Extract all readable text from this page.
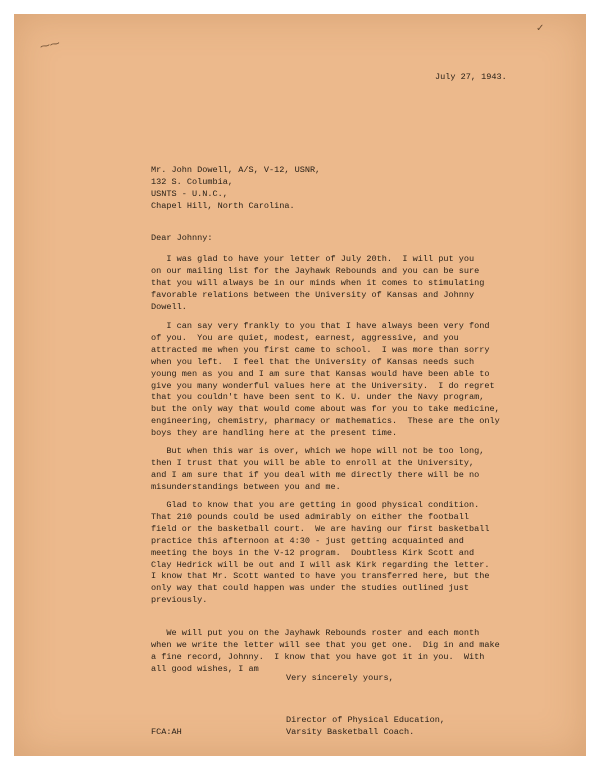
⁓⁓
✓
July 27, 1943.
Mr. John Dowell, A/S, V-12, USNR,
132 S. Columbia,
USNTS - U.N.C.,
Chapel Hill, North Carolina.
Dear Johnny:
I was glad to have your letter of July 20th.  I will put you
on our mailing list for the Jayhawk Rebounds and you can be sure
that you will always be in our minds when it comes to stimulating
favorable relations between the University of Kansas and Johnny
Dowell.
I can say very frankly to you that I have always been very fond
of you.  You are quiet, modest, earnest, aggressive, and you
attracted me when you first came to school.  I was more than sorry
when you left.  I feel that the University of Kansas needs such
young men as you and I am sure that Kansas would have been able to
give you many wonderful values here at the University.  I do regret
that you couldn't have been sent to K. U. under the Navy program,
but the only way that would come about was for you to take medicine,
engineering, chemistry, pharmacy or mathematics.  These are the only
boys they are handling here at the present time.
But when this war is over, which we hope will not be too long,
then I trust that you will be able to enroll at the University,
and I am sure that if you deal with me directly there will be no
misunderstandings between you and me.
Glad to know that you are getting in good physical condition.
That 210 pounds could be used admirably on either the football
field or the basketball court.  We are having our first basketball
practice this afternoon at 4:30 - just getting acquainted and
meeting the boys in the V-12 program.  Doubtless Kirk Scott and
Clay Hedrick will be out and I will ask Kirk regarding the letter.
I know that Mr. Scott wanted to have you transferred here, but the
only way that could happen was under the studies outlined just
previously.
We will put you on the Jayhawk Rebounds roster and each month
when we write the letter will see that you get one.  Dig in and make
a fine record, Johnny.  I know that you have got it in you.  With
all good wishes, I am
Very sincerely yours,
Director of Physical Education,
Varsity Basketball Coach.
FCA:AH
